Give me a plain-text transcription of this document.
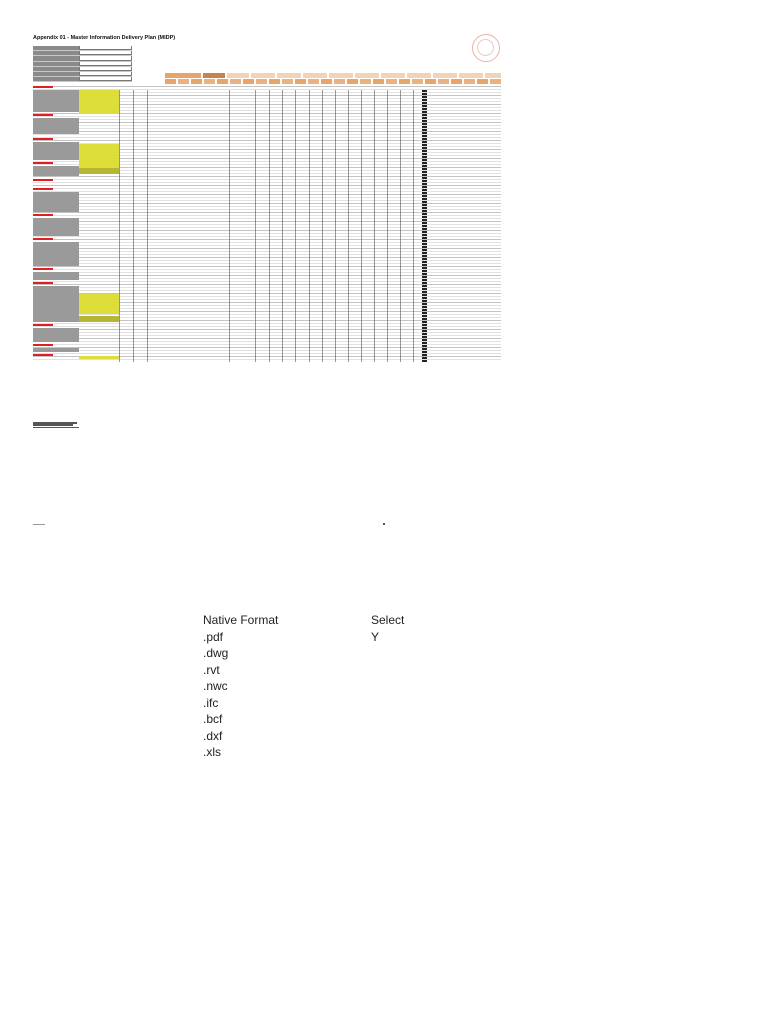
Appendix 01 - Master Information Delivery Plan (MIDP)
Native Format	Select
.pdf	Y
.dwg
.rvt
.nwc
.ifc
.bcf
.dxf
.xls
